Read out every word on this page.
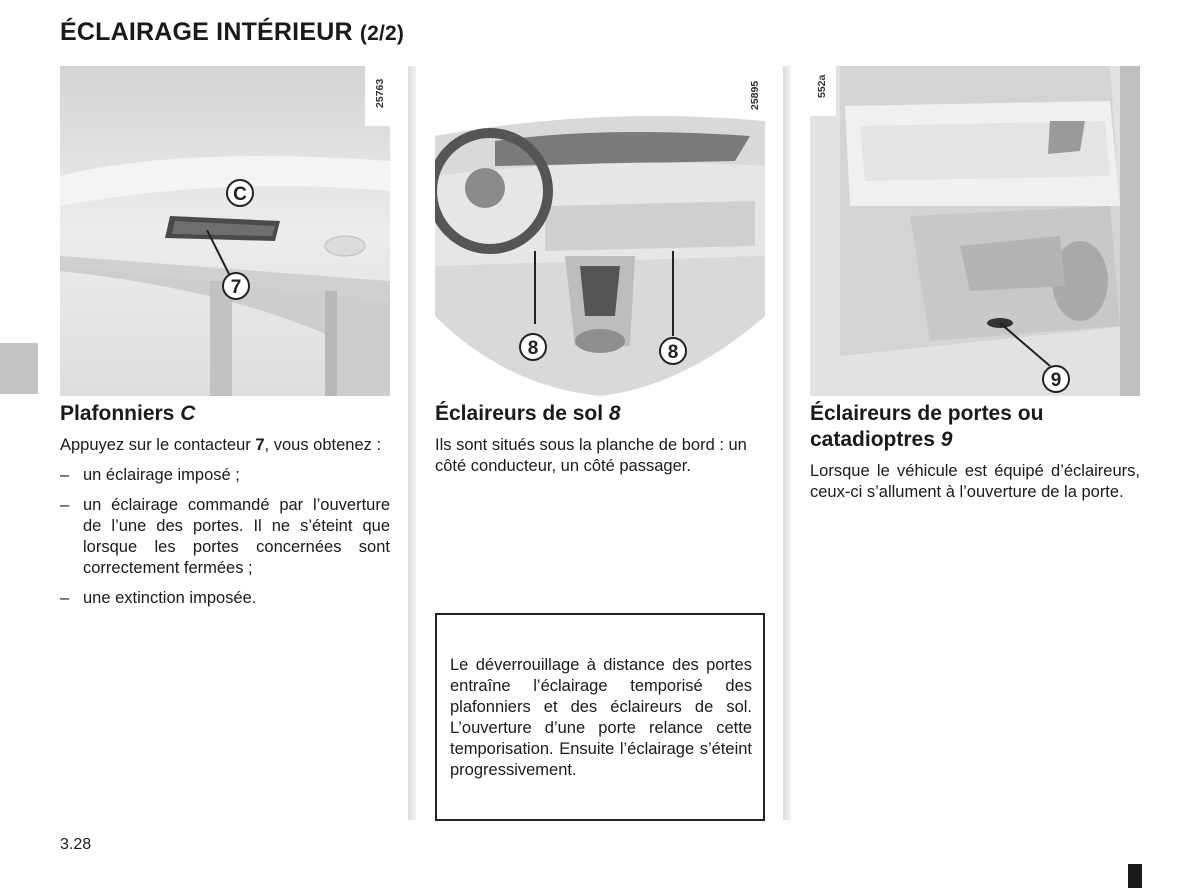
ÉCLAIRAGE INTÉRIEUR (2/2)
C
7
25763
8	8
25895
9
552a
Plafonniers C

Appuyez sur le contacteur 7, vous obtenez :

– un éclairage imposé ;
– un éclairage commandé par l’ouverture de l’une des portes. Il ne s’éteint que lorsque les portes concernées sont correctement fermées ;
– une extinction imposée.
Éclaireurs de sol 8

Ils sont situés sous la planche de bord : un côté conducteur, un côté passager.

Éclaireurs de portes ou catadioptres 9

Lorsque le véhicule est équipé d’éclaireurs, ceux-ci s’allument à l’ouverture de la porte.

Le déverrouillage à distance des portes entraîne l’éclairage temporisé des plafonniers et des éclaireurs de sol. L’ouverture d’une porte relance cette temporisation. Ensuite l’éclairage s’éteint progressivement.
3.28
